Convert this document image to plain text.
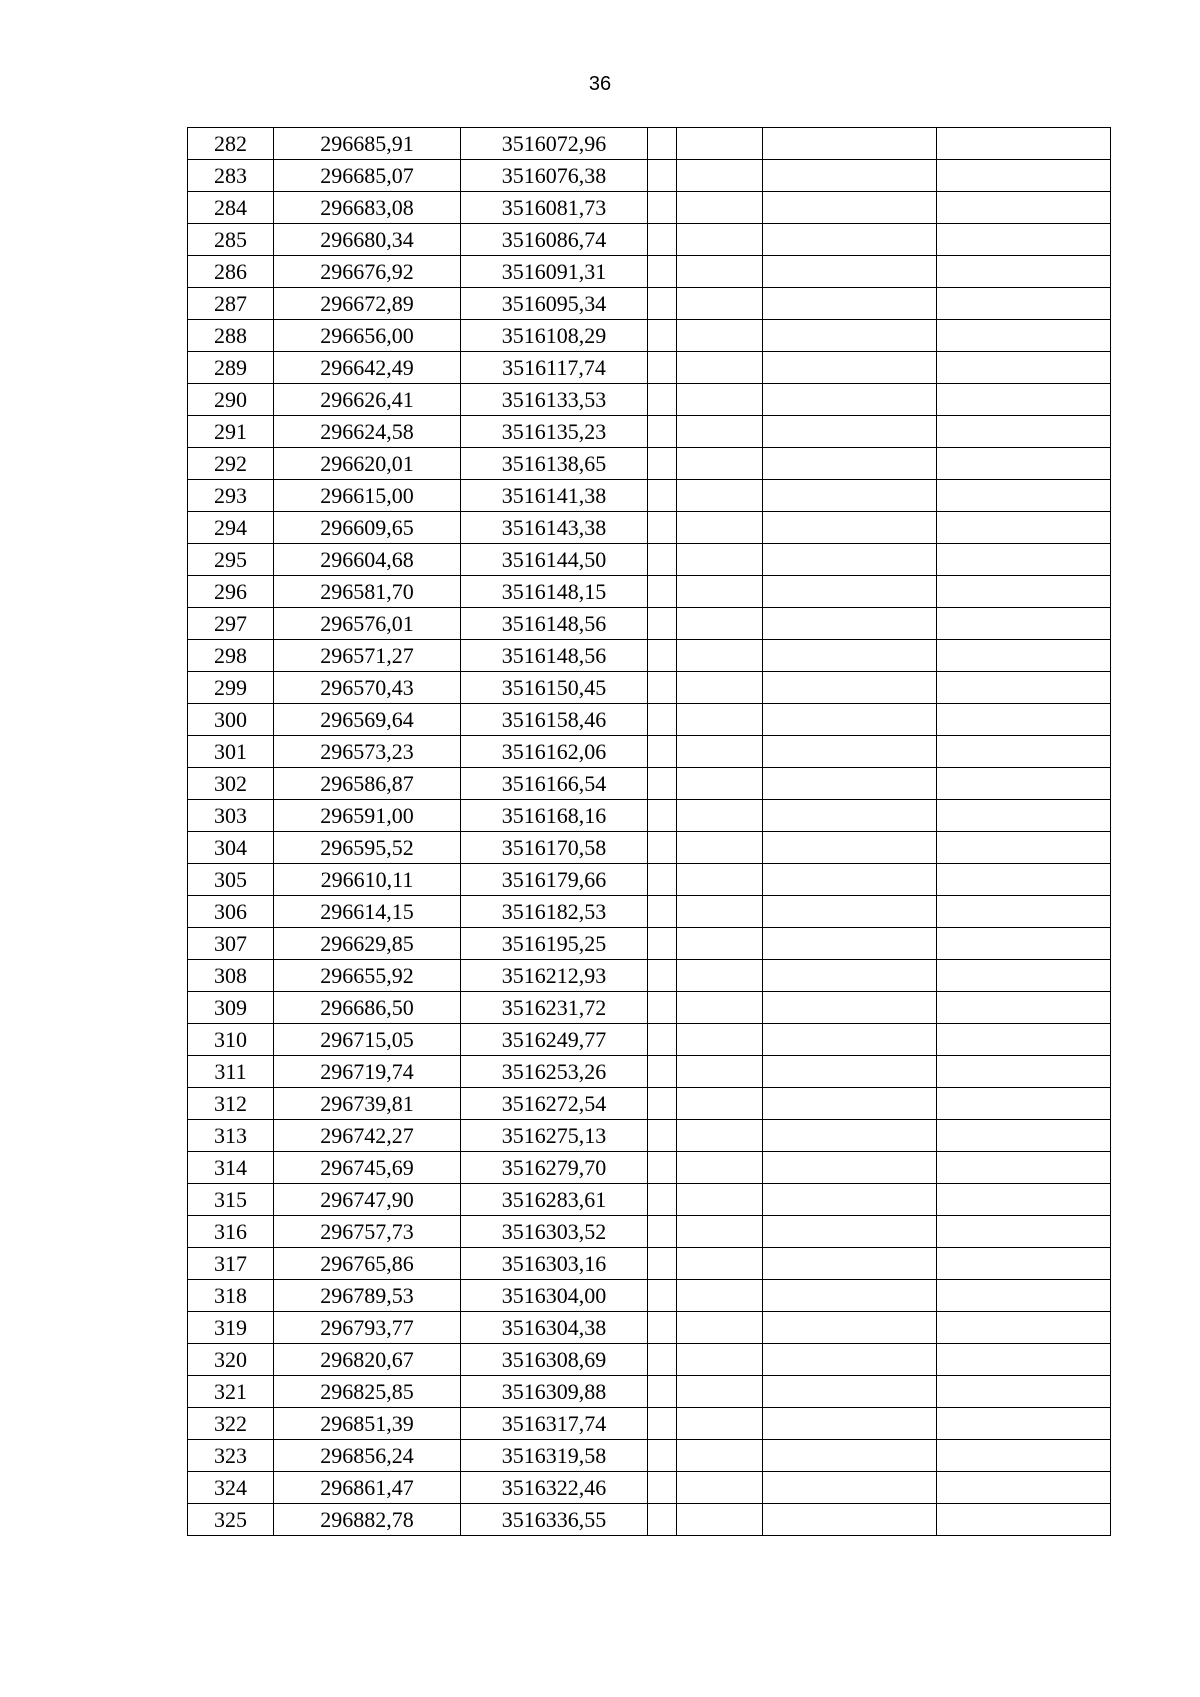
36
282	296685,91	3516072,96				
283	296685,07	3516076,38				
284	296683,08	3516081,73				
285	296680,34	3516086,74				
286	296676,92	3516091,31				
287	296672,89	3516095,34				
288	296656,00	3516108,29				
289	296642,49	3516117,74				
290	296626,41	3516133,53				
291	296624,58	3516135,23				
292	296620,01	3516138,65				
293	296615,00	3516141,38				
294	296609,65	3516143,38				
295	296604,68	3516144,50				
296	296581,70	3516148,15				
297	296576,01	3516148,56				
298	296571,27	3516148,56				
299	296570,43	3516150,45				
300	296569,64	3516158,46				
301	296573,23	3516162,06				
302	296586,87	3516166,54				
303	296591,00	3516168,16				
304	296595,52	3516170,58				
305	296610,11	3516179,66				
306	296614,15	3516182,53				
307	296629,85	3516195,25				
308	296655,92	3516212,93				
309	296686,50	3516231,72				
310	296715,05	3516249,77				
311	296719,74	3516253,26				
312	296739,81	3516272,54				
313	296742,27	3516275,13				
314	296745,69	3516279,70				
315	296747,90	3516283,61				
316	296757,73	3516303,52				
317	296765,86	3516303,16				
318	296789,53	3516304,00				
319	296793,77	3516304,38				
320	296820,67	3516308,69				
321	296825,85	3516309,88				
322	296851,39	3516317,74				
323	296856,24	3516319,58				
324	296861,47	3516322,46				
325	296882,78	3516336,55				
